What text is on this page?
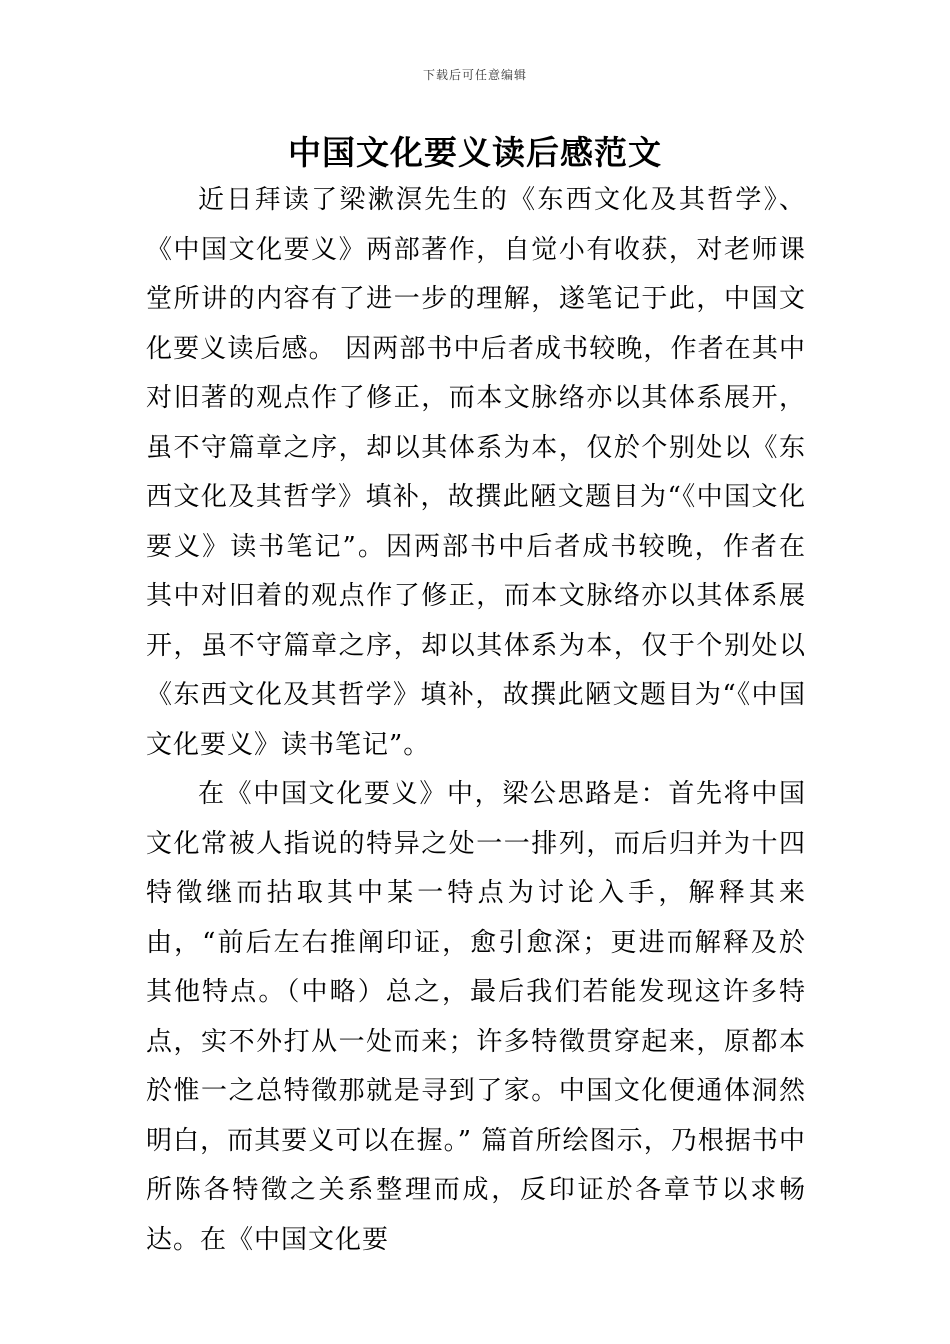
下载后可任意编辑
中国文化要义读后感范文

近日拜读了梁漱溟先生的《东西文化及其哲学》、《中国文化要义》两部著作，自觉小有收获，对老师课堂所讲的内容有了进一步的理解，遂笔记于此，中国文化要义读后感。 因两部书中后者成书较晚，作者在其中对旧著的观点作了修正，而本文脉络亦以其体系展开，虽不守篇章之序，却以其体系为本，仅於个别处以《东西文化及其哲学》填补，故撰此陋文题目为“《中国文化要义》读书笔记”。因两部书中后者成书较晚，作者在其中对旧着的观点作了修正，而本文脉络亦以其体系展开，虽不守篇章之序，却以其体系为本，仅于个别处以《东西文化及其哲学》填补，故撰此陋文题目为“《中国文化要义》读书笔记”。

在《中国文化要义》中，梁公思路是：首先将中国文化常被人指说的特异之处一一排列，而后归并为十四特徵继而拈取其中某一特点为讨论入手，解释其来由，“前后左右推阐印证，愈引愈深；更进而解释及於其他特点。（中略）总之，最后我们若能发现这许多特点，实不外打从一处而来；许多特徵贯穿起来，原都本於惟一之总特徵那就是寻到了家。中国文化便通体洞然明白，而其要义可以在握。” 篇首所绘图示，乃根据书中所陈各特徵之关系整理而成，反印证於各章节以求畅达。在《中国文化要
